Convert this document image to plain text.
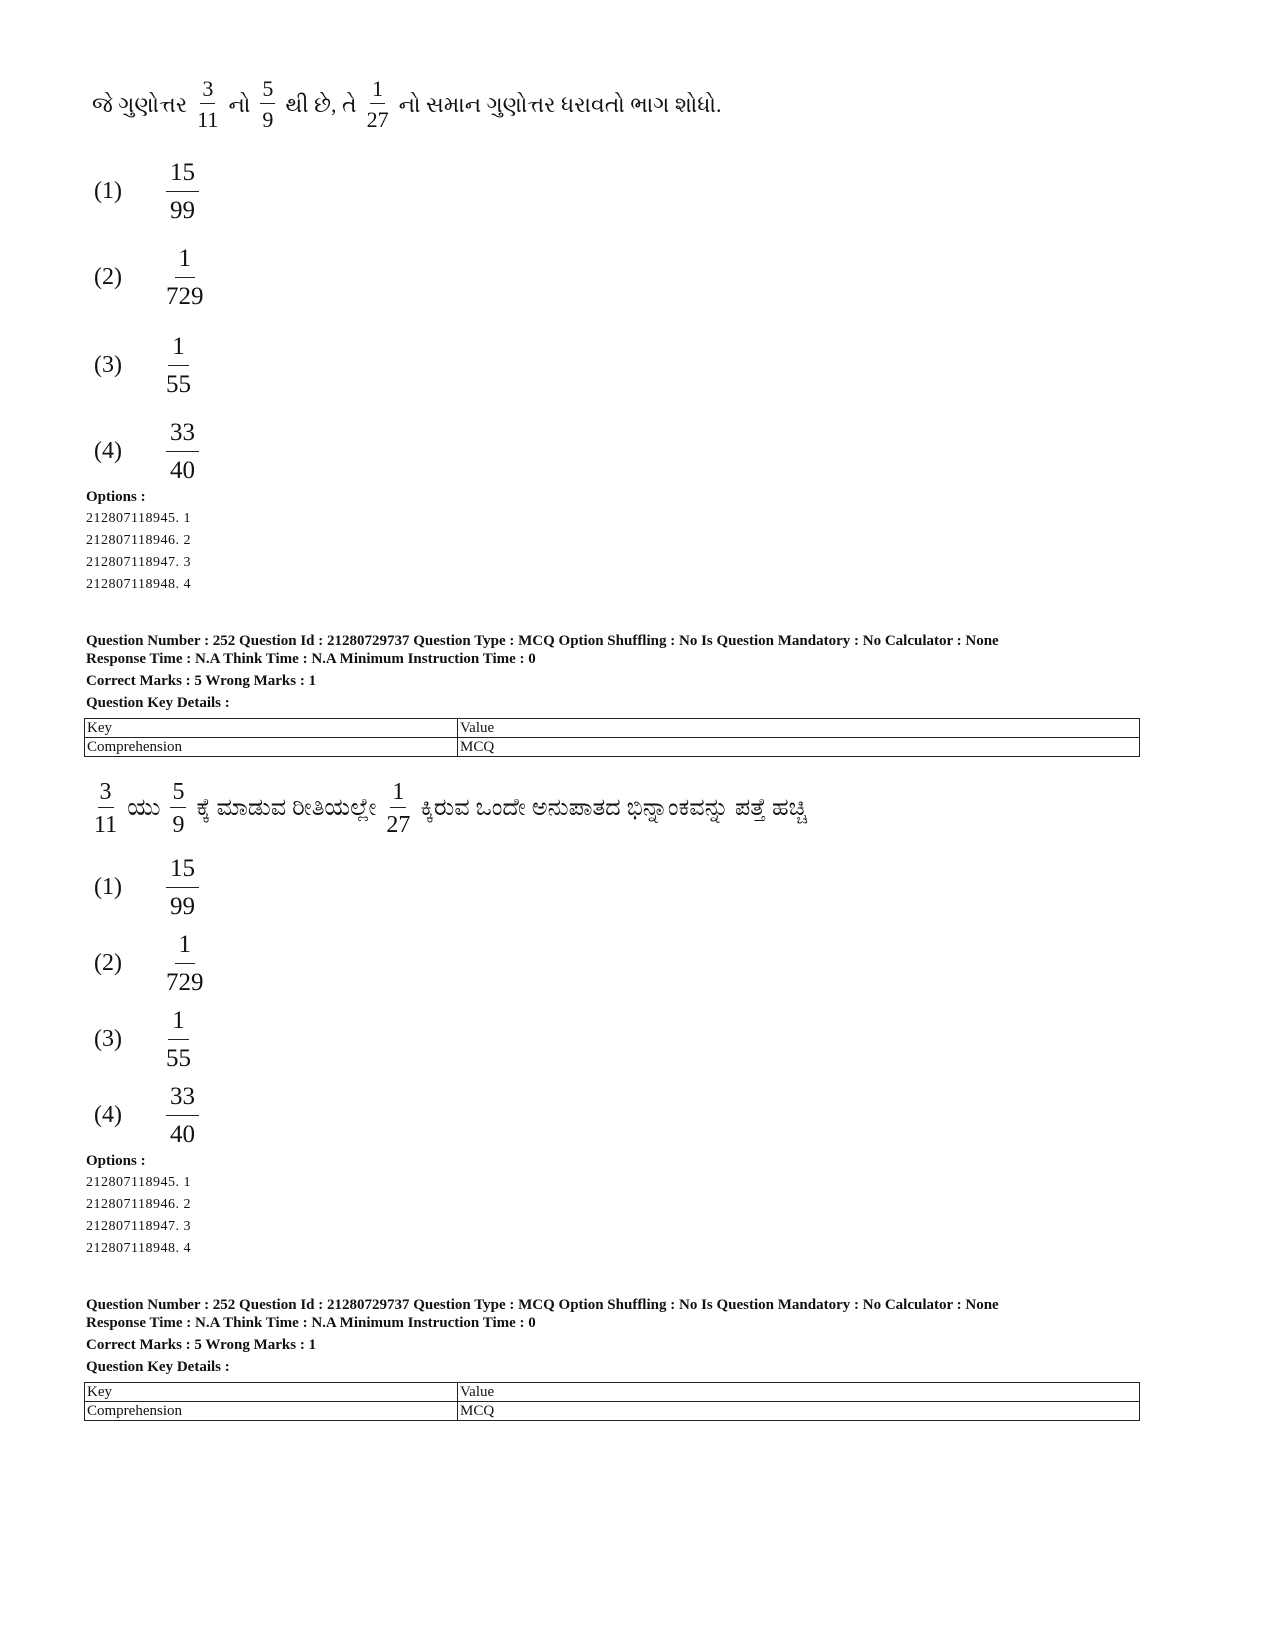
જે ગુણોત્તર $\frac{3}{11}$ નો $\frac{5}{9}$ થી છે, તે $\frac{1}{27}$ નો સમાન ગુણોત્તર ધરાવતો ભાગ શોધો.
(1)	$\frac{15}{99}$
(2)	$\frac{1}{729}$
(3)	$\frac{1}{55}$
(4)	$\frac{33}{40}$
Options :
212807118945. 1
212807118946. 2
212807118947. 3
212807118948. 4
Question Number : 252 Question Id : 21280729737 Question Type : MCQ Option Shuffling : No Is Question Mandatory : No Calculator : None
Response Time : N.A Think Time : N.A Minimum Instruction Time : 0
Correct Marks : 5 Wrong Marks : 1
Question Key Details :
Key	Value
Comprehension	MCQ
$\frac{3}{11}$ ಯು $\frac{5}{9}$ ಕ್ಕೆ ಮಾಡುವ ರೀತಿಯಲ್ಲೇ $\frac{1}{27}$ ಕ್ಕಿರುವ ಒಂದೇ ಅನುಪಾತದ ಭಿನ್ನಾಂಕವನ್ನು ಪತ್ತೆ ಹಚ್ಚಿ
(1)	$\frac{15}{99}$
(2)	$\frac{1}{729}$
(3)	$\frac{1}{55}$
(4)	$\frac{33}{40}$
Options :
212807118945. 1
212807118946. 2
212807118947. 3
212807118948. 4
Question Number : 252 Question Id : 21280729737 Question Type : MCQ Option Shuffling : No Is Question Mandatory : No Calculator : None
Response Time : N.A Think Time : N.A Minimum Instruction Time : 0
Correct Marks : 5 Wrong Marks : 1
Question Key Details :
Key	Value
Comprehension	MCQ
